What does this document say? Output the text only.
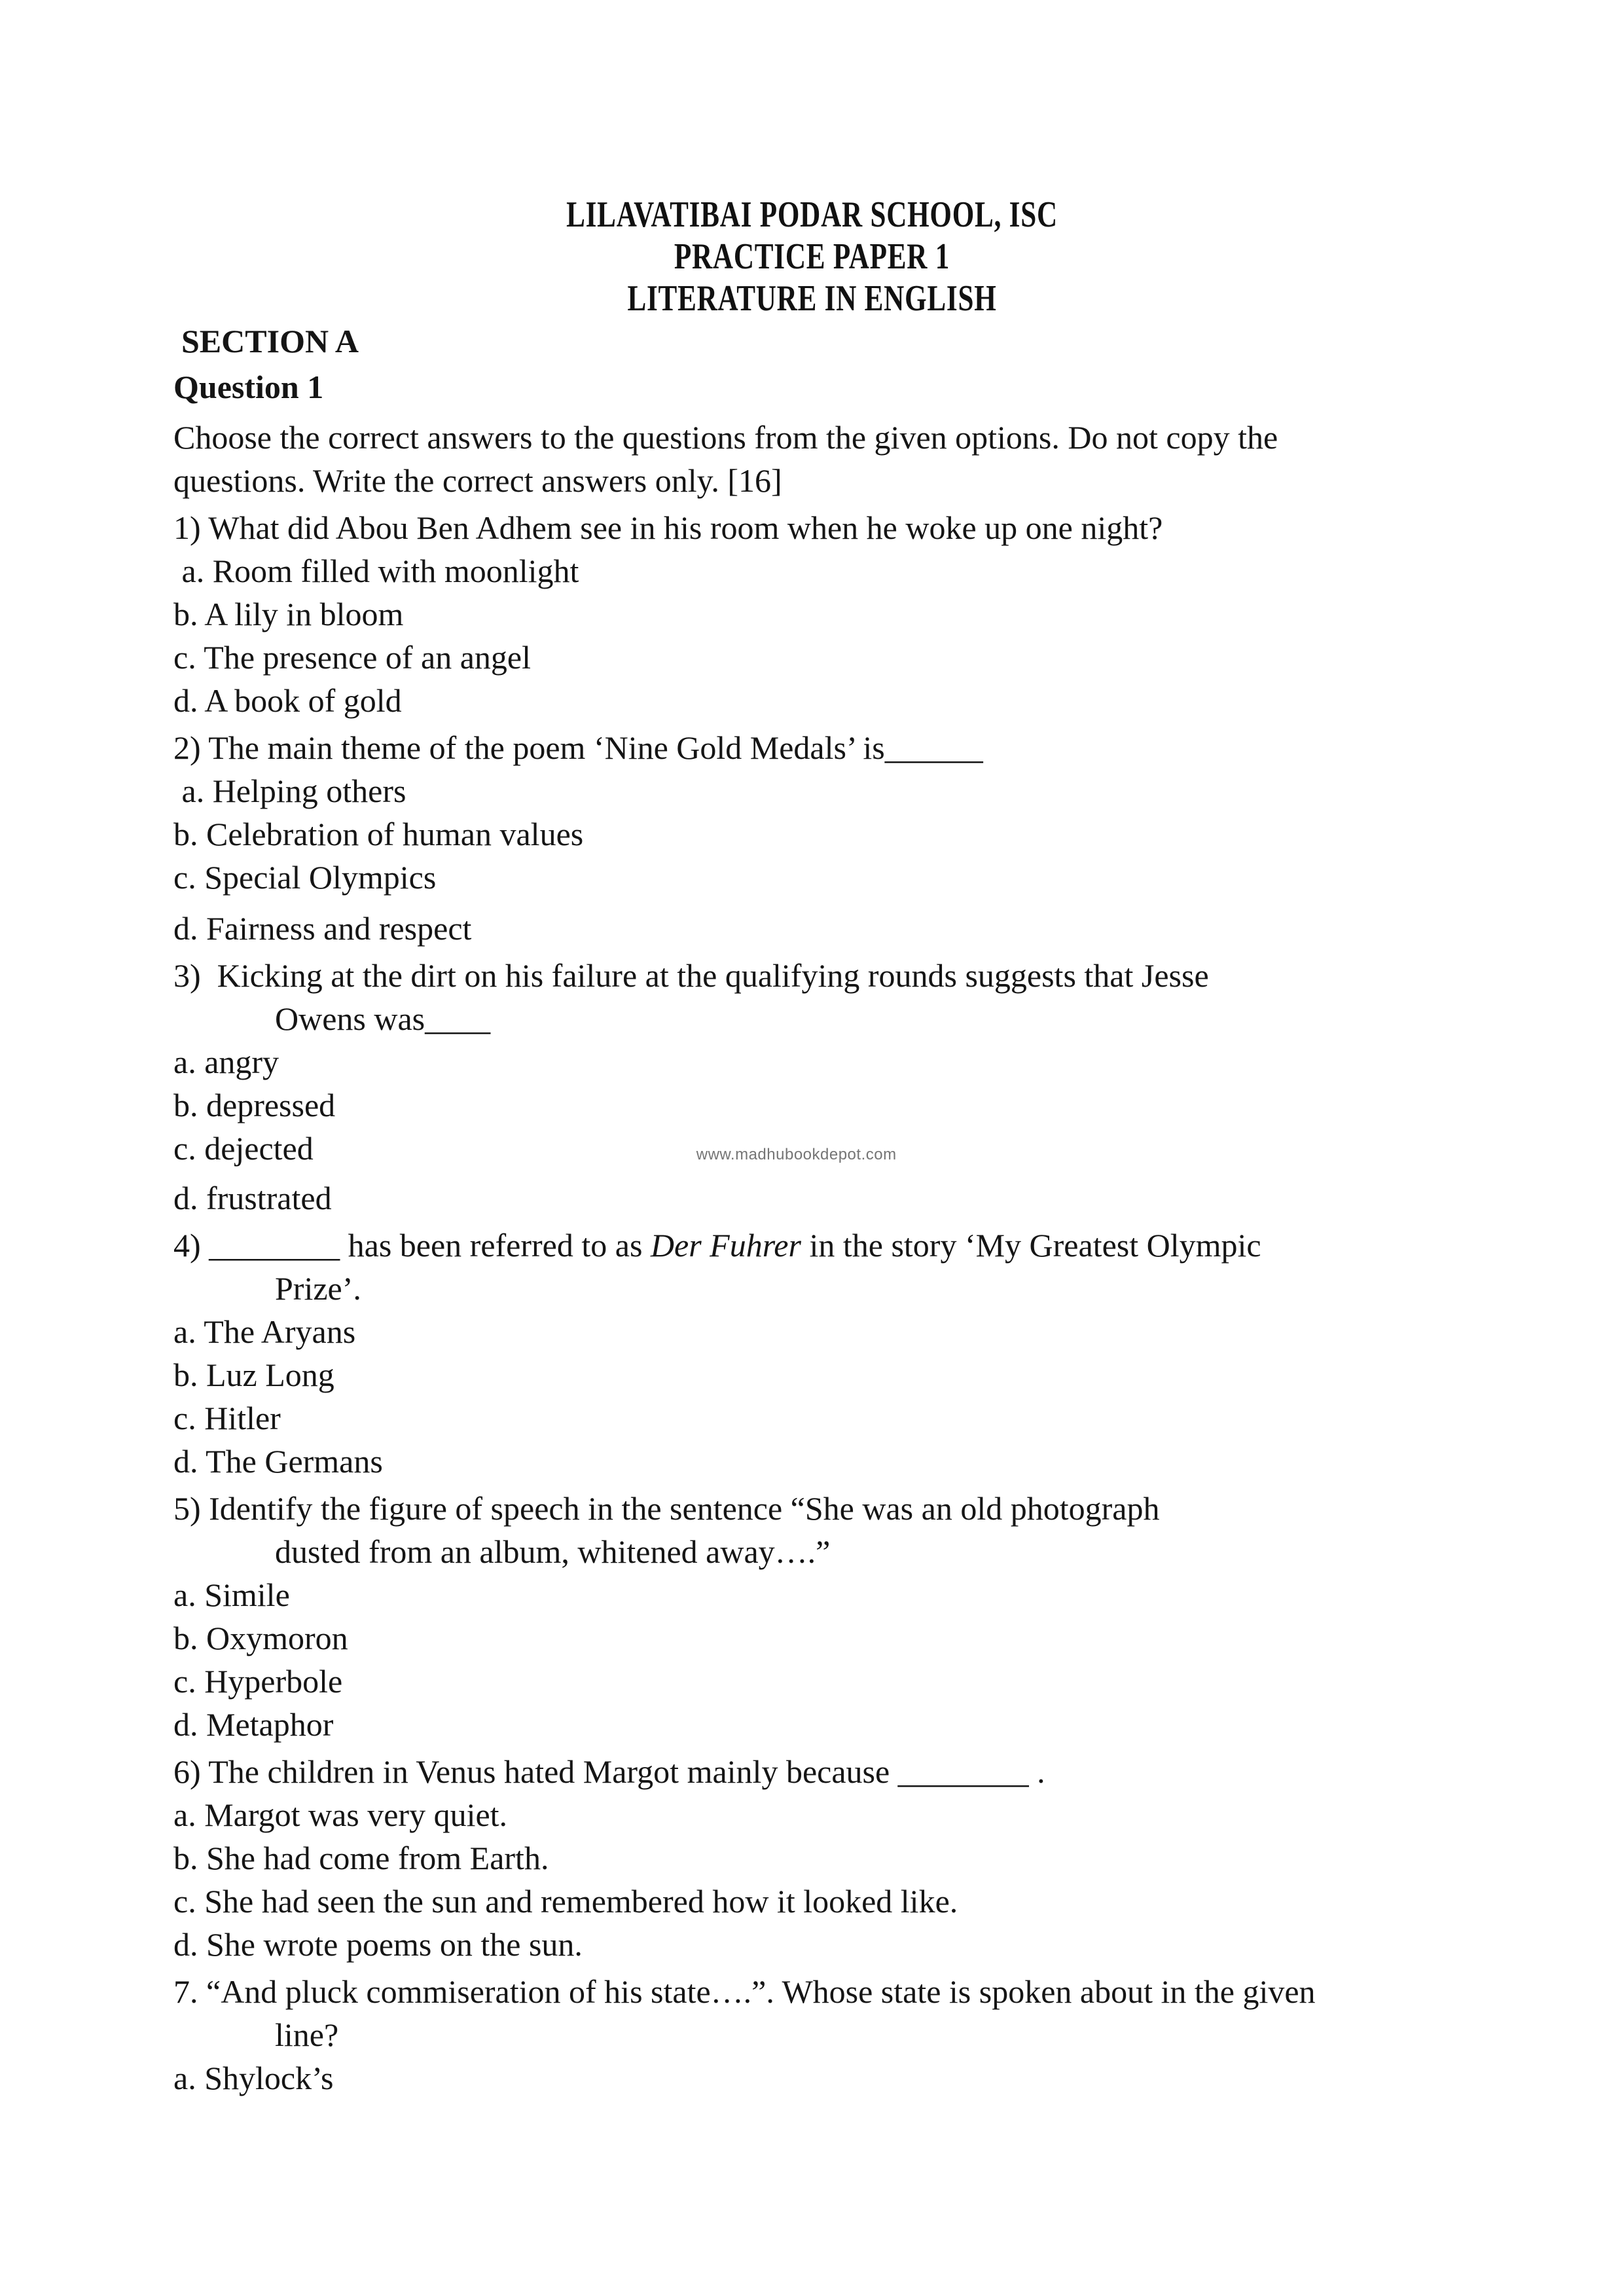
LILAVATIBAI PODAR SCHOOL, ISC
PRACTICE PAPER 1
LITERATURE IN ENGLISH
SECTION A
Question 1
Choose the correct answers to the questions from the given options. Do not copy the
questions. Write the correct answers only. [16]
1) What did Abou Ben Adhem see in his room when he woke up one night?
a. Room filled with moonlight
b. A lily in bloom
c. The presence of an angel
d. A book of gold
2) The main theme of the poem ‘Nine Gold Medals’ is______
a. Helping others
b. Celebration of human values
c. Special Olympics
d. Fairness and respect
3)  Kicking at the dirt on his failure at the qualifying rounds suggests that Jesse
Owens was____
a. angry
b. depressed
c. dejected	www.madhubookdepot.com
d. frustrated
4) ________ has been referred to as Der Fuhrer in the story ‘My Greatest Olympic
Prize’.
a. The Aryans
b. Luz Long
c. Hitler
d. The Germans
5) Identify the figure of speech in the sentence “She was an old photograph
dusted from an album, whitened away….”
a. Simile
b. Oxymoron
c. Hyperbole
d. Metaphor
6) The children in Venus hated Margot mainly because ________ .
a. Margot was very quiet.
b. She had come from Earth.
c. She had seen the sun and remembered how it looked like.
d. She wrote poems on the sun.
7. “And pluck commiseration of his state….”. Whose state is spoken about in the given
line?
a. Shylock’s
